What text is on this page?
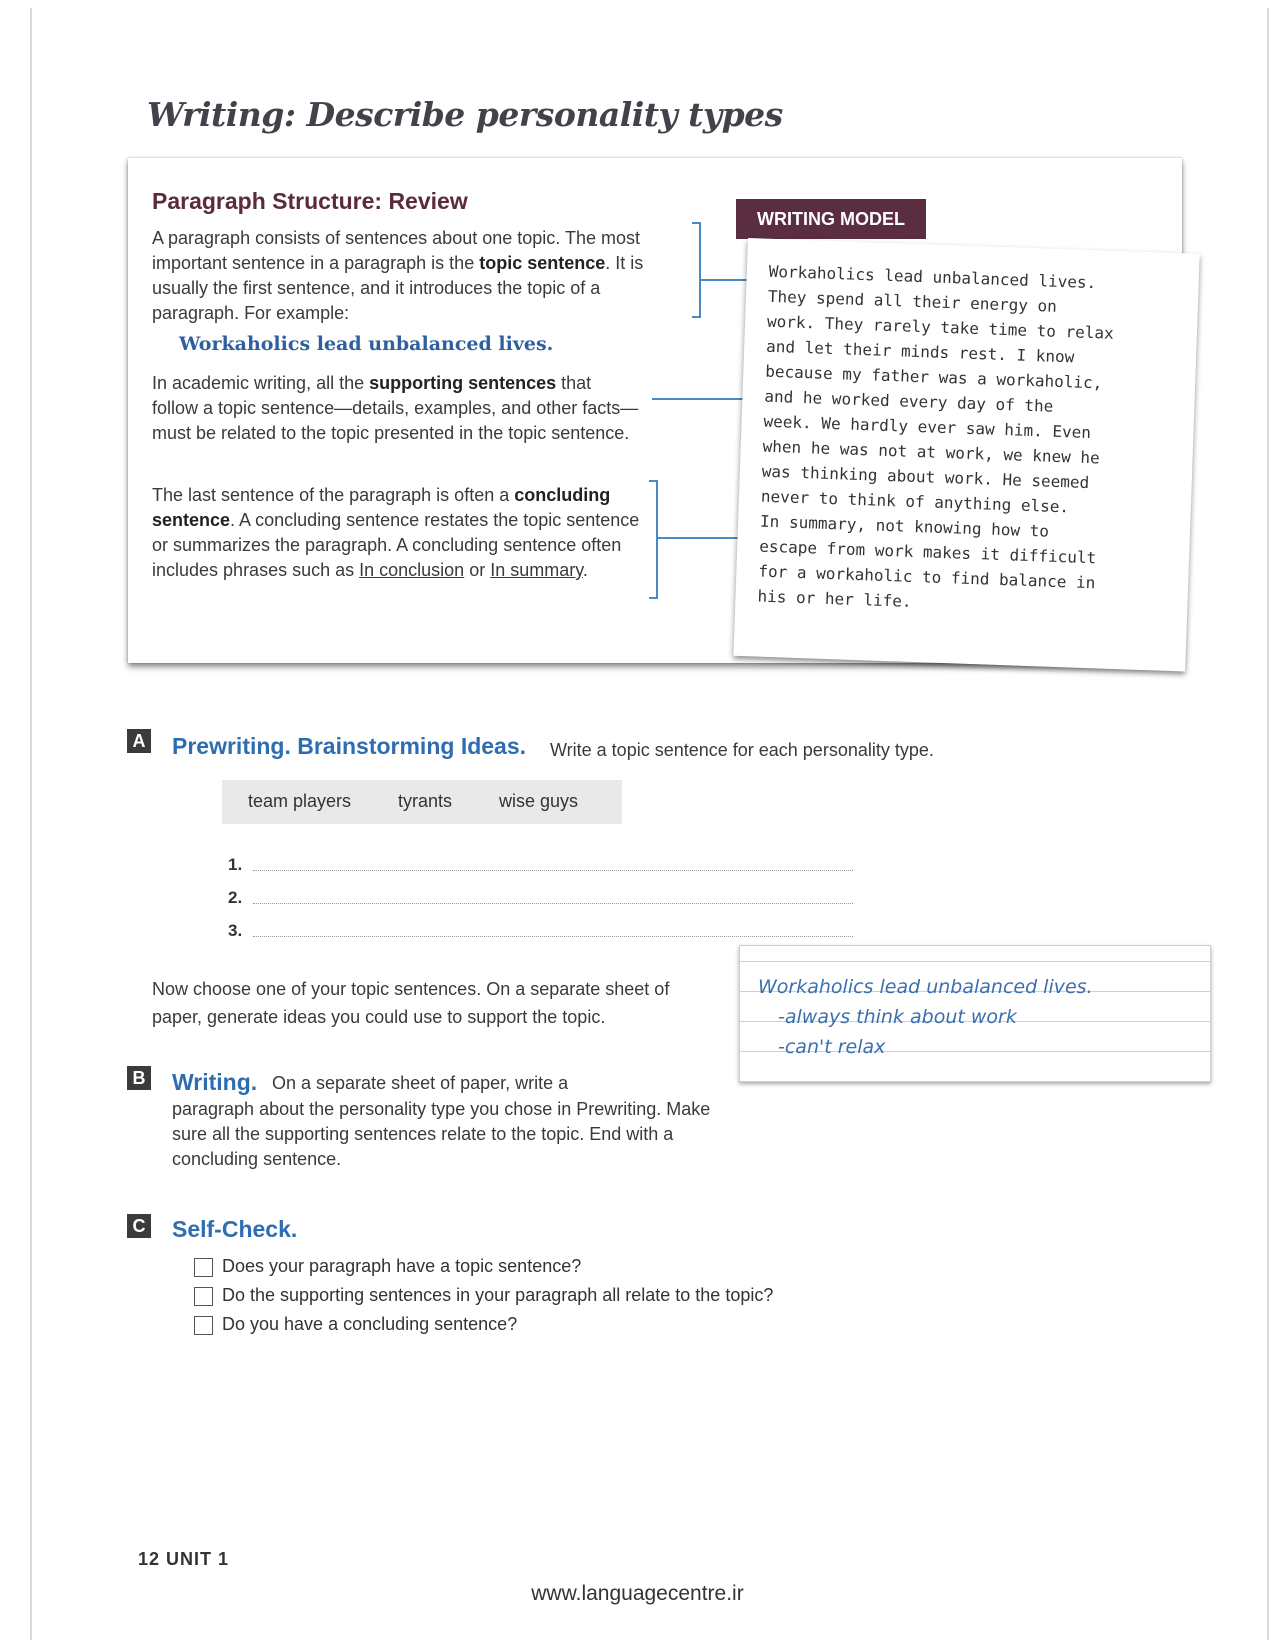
Writing: Describe personality types
Paragraph Structure: Review
A paragraph consists of sentences about one topic. The most important sentence in a paragraph is the topic sentence. It is usually the first sentence, and it introduces the topic of a paragraph. For example:
Workaholics lead unbalanced lives.
In academic writing, all the supporting sentences that follow a topic sentence—details, examples, and other facts—must be related to the topic presented in the topic sentence.
The last sentence of the paragraph is often a concluding sentence. A concluding sentence restates the topic sentence or summarizes the paragraph. A concluding sentence often includes phrases such as In conclusion or In summary.
WRITING MODEL
Workaholics lead unbalanced lives.
They spend all their energy on
work. They rarely take time to relax
and let their minds rest. I know
because my father was a workaholic,
and he worked every day of the
week. We hardly ever saw him. Even
when he was not at work, we knew he
was thinking about work. He seemed
never to think of anything else.
In summary, not knowing how to
escape from work makes it difficult
for a workaholic to find balance in
his or her life.
A Prewriting. Brainstorming Ideas. Write a topic sentence for each personality type.
team players	tyrants	wise guys
1.
2.
3.
Now choose one of your topic sentences. On a separate sheet of paper, generate ideas you could use to support the topic.
Workaholics lead unbalanced lives.
-always think about work
-can't relax
B Writing. On a separate sheet of paper, write a
paragraph about the personality type you chose in Prewriting. Make sure all the supporting sentences relate to the topic. End with a concluding sentence.
C Self-Check.
Does your paragraph have a topic sentence?
Do the supporting sentences in your paragraph all relate to the topic?
Do you have a concluding sentence?
12 UNIT 1
www.languagecentre.ir
